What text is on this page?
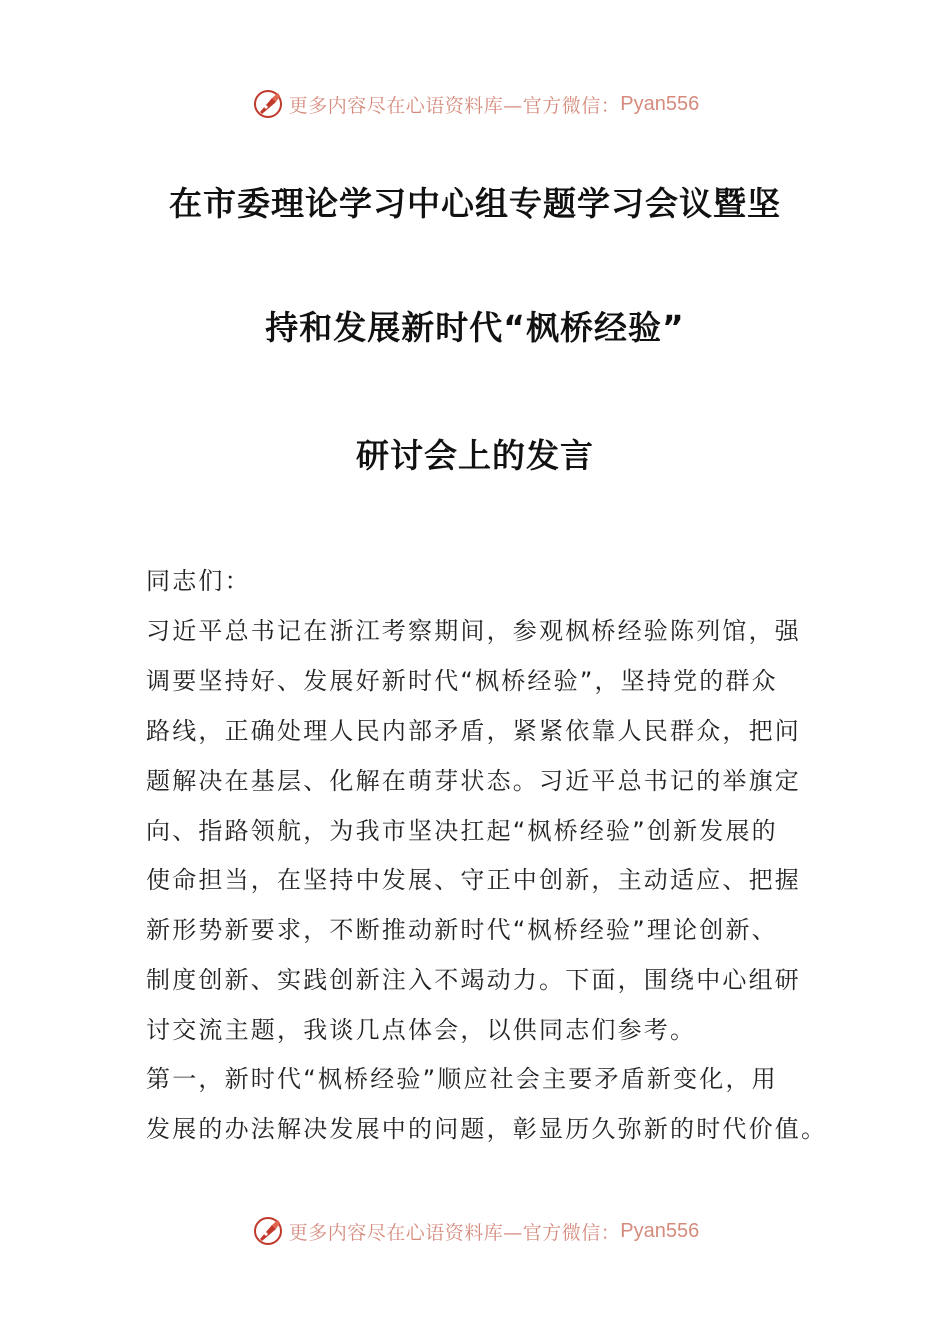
更多内容尽在心语资料库—官方微信： Pyan556
在市委理论学习中心组专题学习会议暨坚
持和发展新时代“枫桥经验”
研讨会上的发言
同志们：
习近平总书记在浙江考察期间，参观枫桥经验陈列馆，强
调要坚持好、发展好新时代“枫桥经验”，坚持党的群众
路线，正确处理人民内部矛盾，紧紧依靠人民群众，把问
题解决在基层、化解在萌芽状态。习近平总书记的举旗定
向、指路领航，为我市坚决扛起“枫桥经验”创新发展的
使命担当，在坚持中发展、守正中创新，主动适应、把握
新形势新要求，不断推动新时代“枫桥经验”理论创新、
制度创新、实践创新注入不竭动力。下面，围绕中心组研
讨交流主题，我谈几点体会，以供同志们参考。
第一，新时代“枫桥经验”顺应社会主要矛盾新变化，用
发展的办法解决发展中的问题，彰显历久弥新的时代价值。
更多内容尽在心语资料库—官方微信： Pyan556
